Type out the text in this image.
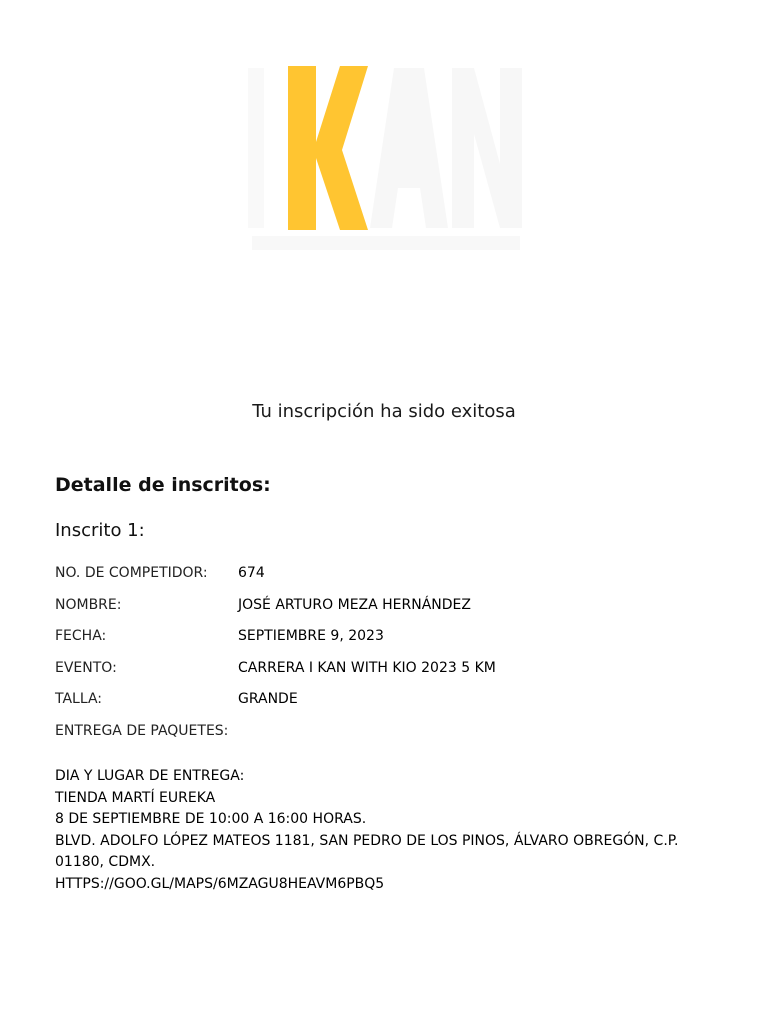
Tu inscripción ha sido exitosa
Detalle de inscritos:
Inscrito 1:
NO. DE COMPETIDOR:	674
NOMBRE:	JOSÉ ARTURO MEZA HERNÁNDEZ
FECHA:	SEPTIEMBRE 9, 2023
EVENTO:	CARRERA I KAN WITH KIO 2023 5 KM
TALLA:	GRANDE
ENTREGA DE PAQUETES:
DIA Y LUGAR DE ENTREGA:
TIENDA MARTÍ EUREKA
8 DE SEPTIEMBRE DE 10:00 A 16:00 HORAS.
BLVD. ADOLFO LÓPEZ MATEOS 1181, SAN PEDRO DE LOS PINOS, ÁLVARO OBREGÓN, C.P. 01180, CDMX.
HTTPS://GOO.GL/MAPS/6MZAGU8HEAVM6PBQ5
